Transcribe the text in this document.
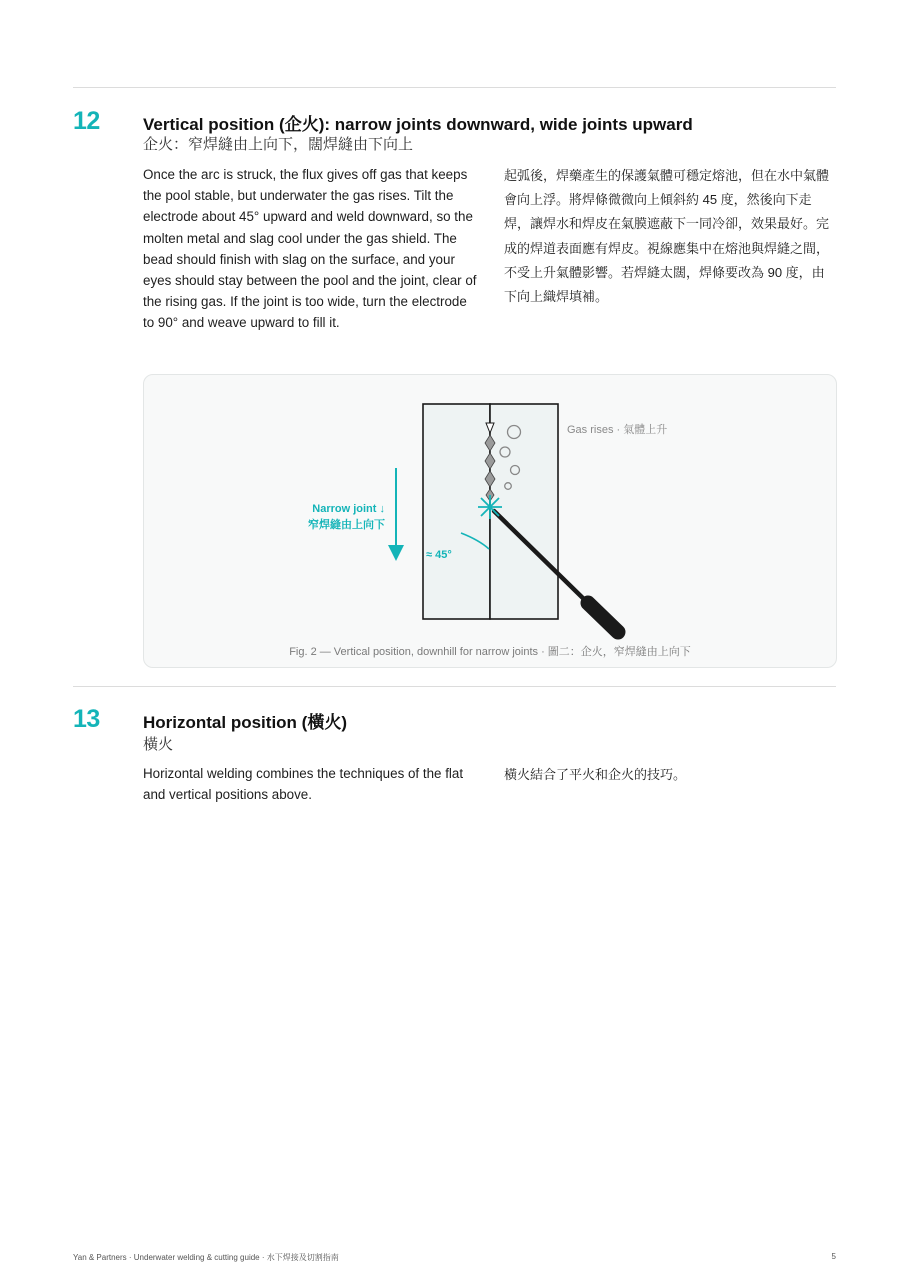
12	Vertical position (企火): narrow joints downward, wide joints upward
企火：窄焊縫由上向下，闊焊縫由下向上
Once the arc is struck, the flux gives off gas that keeps the pool stable, but underwater the gas rises. Tilt the electrode about 45° upward and weld downward, so the molten metal and slag cool under the gas shield. The bead should finish with slag on the surface, and your eyes should stay between the pool and the joint, clear of the rising gas. If the joint is too wide, turn the electrode to 90° and weave upward to fill it.
起弧後，焊藥產生的保護氣體可穩定熔池，但在水中氣體會向上浮。將焊條微微向上傾斜約 45 度，然後向下走焊，讓焊水和焊皮在氣膜遮蔽下一同冷卻，效果最好。完成的焊道表面應有焊皮。視線應集中在熔池與焊縫之間，不受上升氣體影響。若焊縫太闊，焊條要改為 90 度，由下向上織焊填補。
Gas rises · 氣體上升
Narrow joint ↓
窄焊縫由上向下
≈ 45°
Fig. 2 — Vertical position, downhill for narrow joints · 圖二：企火，窄焊縫由上向下
13	Horizontal position (橫火)
橫火
Horizontal welding combines the techniques of the flat and vertical positions above.
橫火結合了平火和企火的技巧。
Yan & Partners · Underwater welding & cutting guide · 水下焊接及切割指南	5
